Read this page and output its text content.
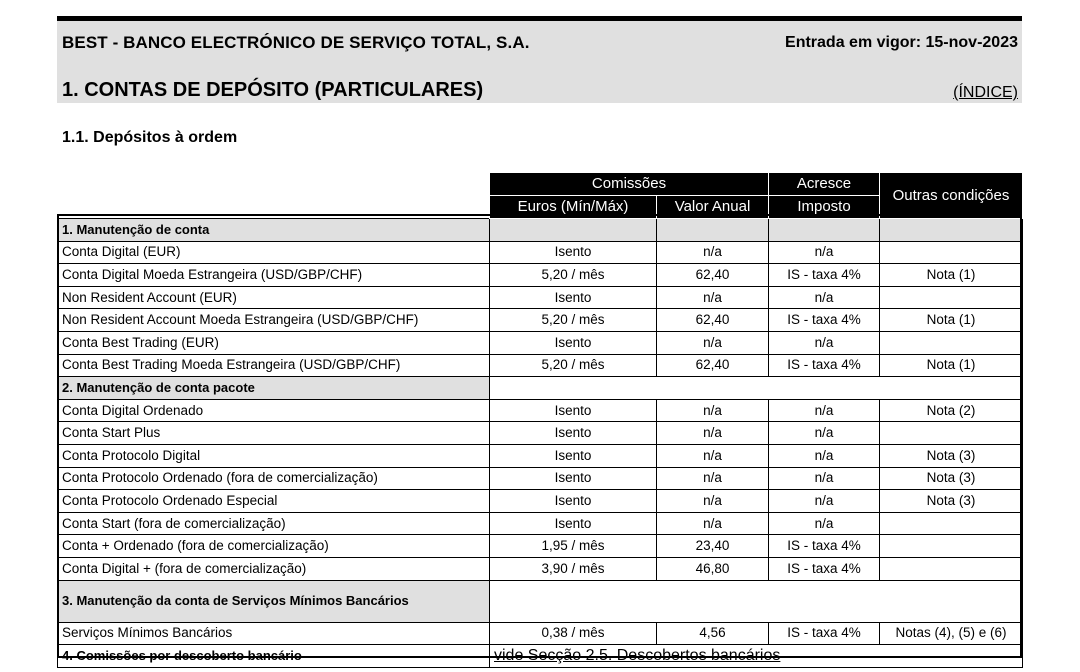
BEST - BANCO ELECTRÓNICO DE SERVIÇO TOTAL, S.A.	Entrada em vigor: 15-nov-2023
1. CONTAS DE DEPÓSITO (PARTICULARES)	(ÍNDICE)
1.1. Depósitos à ordem
	Comissões		Acresce	Outras condições
	Euros (Mín/Máx)	Valor Anual	Imposto	
1. Manutenção de conta				
Conta Digital (EUR)	Isento	n/a	n/a	
Conta Digital Moeda Estrangeira (USD/GBP/CHF)	5,20 / mês	62,40	IS - taxa 4%	Nota (1)
Non Resident Account (EUR)	Isento	n/a	n/a	
Non Resident Account Moeda Estrangeira (USD/GBP/CHF)	5,20 / mês	62,40	IS - taxa 4%	Nota (1)
Conta Best Trading (EUR)	Isento	n/a	n/a	
Conta Best Trading Moeda Estrangeira (USD/GBP/CHF)	5,20 / mês	62,40	IS - taxa 4%	Nota (1)
2. Manutenção de conta pacote				
Conta Digital Ordenado	Isento	n/a	n/a	Nota (2)
Conta Start Plus	Isento	n/a	n/a	
Conta Protocolo Digital	Isento	n/a	n/a	Nota (3)
Conta Protocolo Ordenado (fora de comercialização)	Isento	n/a	n/a	Nota (3)
Conta Protocolo Ordenado Especial	Isento	n/a	n/a	Nota (3)
Conta Start (fora de comercialização)	Isento	n/a	n/a	
Conta + Ordenado (fora de comercialização)	1,95 / mês	23,40	IS - taxa 4%	
Conta Digital + (fora de comercialização)	3,90 / mês	46,80	IS - taxa 4%	
3. Manutenção da conta de Serviços Mínimos Bancários				
Serviços Mínimos Bancários	0,38 / mês	4,56	IS - taxa 4%	Notas (4), (5) e (6)
4. Comissões por descoberto bancário	vide Secção 2.5. Descobertos bancários			
